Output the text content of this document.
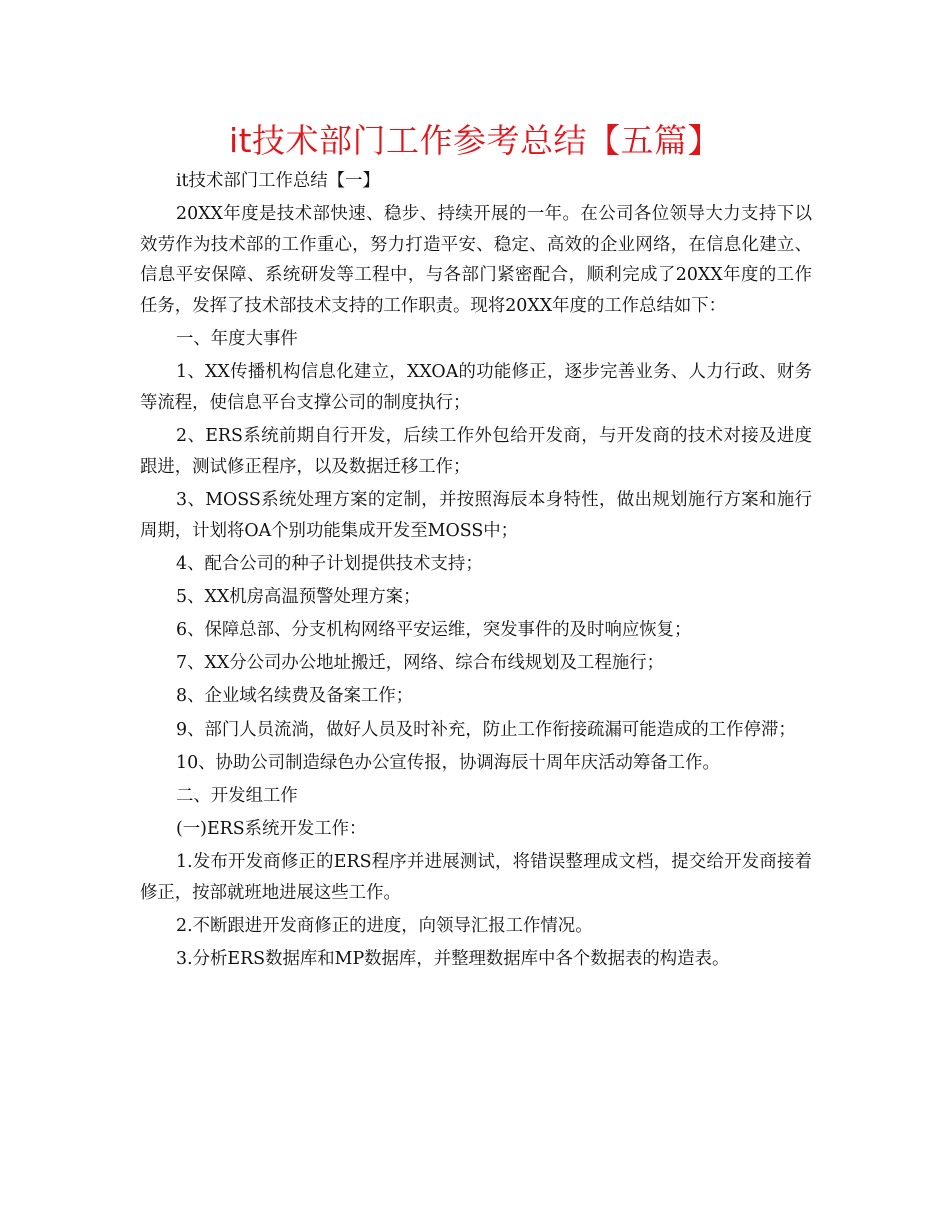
it技术部门工作参考总结【五篇】

it技术部门工作总结【一】

20XX年度是技术部快速、稳步、持续开展的一年。在公司各位领导大力支持下以效劳作为技术部的工作重心，努力打造平安、稳定、高效的企业网络，在信息化建立、信息平安保障、系统研发等工程中，与各部门紧密配合，顺利完成了20XX年度的工作任务，发挥了技术部技术支持的工作职责。现将20XX年度的工作总结如下：

一、年度大事件

1、XX传播机构信息化建立，XXOA的功能修正，逐步完善业务、人力行政、财务等流程，使信息平台支撑公司的制度执行；

2、ERS系统前期自行开发，后续工作外包给开发商，与开发商的技术对接及进度跟进，测试修正程序，以及数据迁移工作；

3、MOSS系统处理方案的定制，并按照海辰本身特性，做出规划施行方案和施行周期，计划将OA个别功能集成开发至MOSS中；

4、配合公司的种子计划提供技术支持；

5、XX机房高温预警处理方案；

6、保障总部、分支机构网络平安运维，突发事件的及时响应恢复；

7、XX分公司办公地址搬迁，网络、综合布线规划及工程施行；

8、企业域名续费及备案工作；

9、部门人员流淌，做好人员及时补充，防止工作衔接疏漏可能造成的工作停滞；

10、协助公司制造绿色办公宣传报，协调海辰十周年庆活动筹备工作。

二、开发组工作

(一)ERS系统开发工作：

1.发布开发商修正的ERS程序并进展测试，将错误整理成文档，提交给开发商接着修正，按部就班地进展这些工作。

2.不断跟进开发商修正的进度，向领导汇报工作情况。

3.分析ERS数据库和MP数据库，并整理数据库中各个数据表的构造表。
